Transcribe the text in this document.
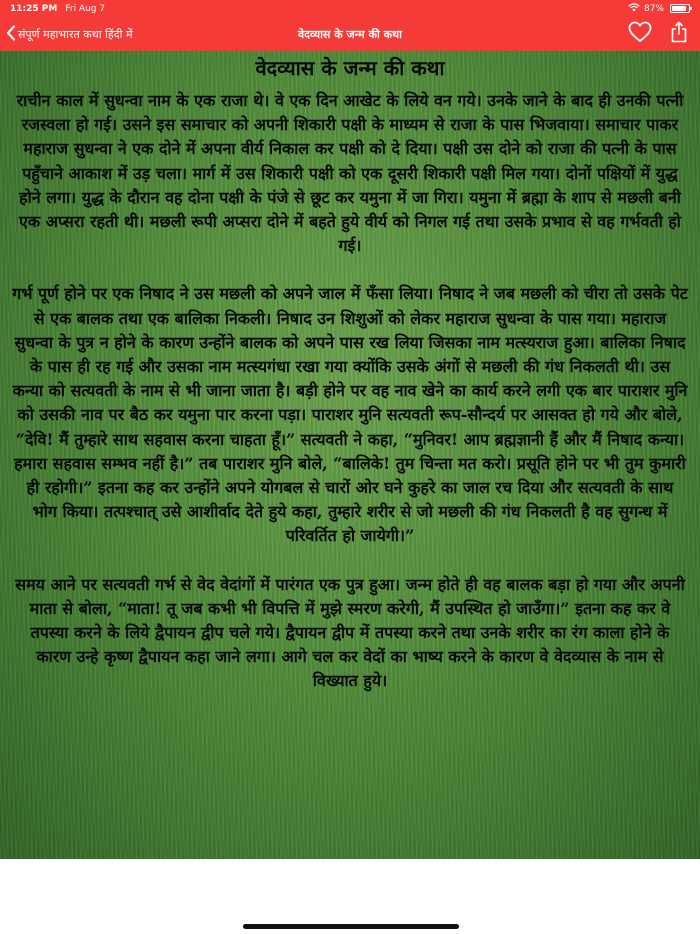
11:25 PM Fri Aug 7	87%
संपूर्ण महाभारत कथा हिंदी में	वेदव्यास के जन्म की कथा
वेदव्यास के जन्म की कथा

राचीन काल में सुधन्वा नाम के एक राजा थे। वे एक दिन आखेट के लिये वन गये। उनके जाने के बाद ही उनकी पत्नी रजस्वला हो गई। उसने इस समाचार को अपनी शिकारी पक्षी के माध्यम से राजा के पास भिजवाया। समाचार पाकर महाराज सुधन्वा ने एक दोने में अपना वीर्य निकाल कर पक्षी को दे दिया। पक्षी उस दोने को राजा की पत्नी के पास पहुँचाने आकाश में उड़ चला। मार्ग में उस शिकारी पक्षी को एक दूसरी शिकारी पक्षी मिल गया। दोनों पक्षियों में युद्ध होने लगा। युद्ध के दौरान वह दोना पक्षी के पंजे से छूट कर यमुना में जा गिरा। यमुना में ब्रह्मा के शाप से मछली बनी एक अप्सरा रहती थी। मछली रूपी अप्सरा दोने में बहते हुये वीर्य को निगल गई तथा उसके प्रभाव से वह गर्भवती हो गई।

गर्भ पूर्ण होने पर एक निषाद ने उस मछली को अपने जाल में फँसा लिया। निषाद ने जब मछली को चीरा तो उसके पेट से एक बालक तथा एक बालिका निकली। निषाद उन शिशुओं को लेकर महाराज सुधन्वा के पास गया। महाराज सुधन्वा के पुत्र न होने के कारण उन्होंने बालक को अपने पास रख लिया जिसका नाम मत्स्यराज हुआ। बालिका निषाद के पास ही रह गई और उसका नाम मत्स्यगंधा रखा गया क्योंकि उसके अंगों से मछली की गंध निकलती थी। उस कन्या को सत्यवती के नाम से भी जाना जाता है। बड़ी होने पर वह नाव खेने का कार्य करने लगी एक बार पाराशर मुनि को उसकी नाव पर बैठ कर यमुना पार करना पड़ा। पाराशर मुनि सत्यवती रूप-सौन्दर्य पर आसक्त हो गये और बोले, “देवि! मैं तुम्हारे साथ सहवास करना चाहता हूँ।” सत्यवती ने कहा, “मुनिवर! आप ब्रह्मज्ञानी हैं और मैं निषाद कन्या। हमारा सहवास सम्भव नहीं है।” तब पाराशर मुनि बोले, “बालिके! तुम चिन्ता मत करो। प्रसूति होने पर भी तुम कुमारी ही रहोगी।” इतना कह कर उन्होंने अपने योगबल से चारों ओर घने कुहरे का जाल रच दिया और सत्यवती के साथ भोग किया। तत्पश्चात् उसे आशीर्वाद देते हुये कहा, तुम्हारे शरीर से जो मछली की गंध निकलती है वह सुगन्ध में परिवर्तित हो जायेगी।”

समय आने पर सत्यवती गर्भ से वेद वेदांगों में पारंगत एक पुत्र हुआ। जन्म होते ही वह बालक बड़ा हो गया और अपनी माता से बोला, “माता! तू जब कभी भी विपत्ति में मुझे स्मरण करेगी, मैं उपस्थित हो जाउँगा।” इतना कह कर वे तपस्या करने के लिये द्वैपायन द्वीप चले गये। द्वैपायन द्वीप में तपस्या करने तथा उनके शरीर का रंग काला होने के कारण उन्हे कृष्ण द्वैपायन कहा जाने लगा। आगे चल कर वेदों का भाष्य करने के कारण वे वेदव्यास के नाम से विख्यात हुये।
